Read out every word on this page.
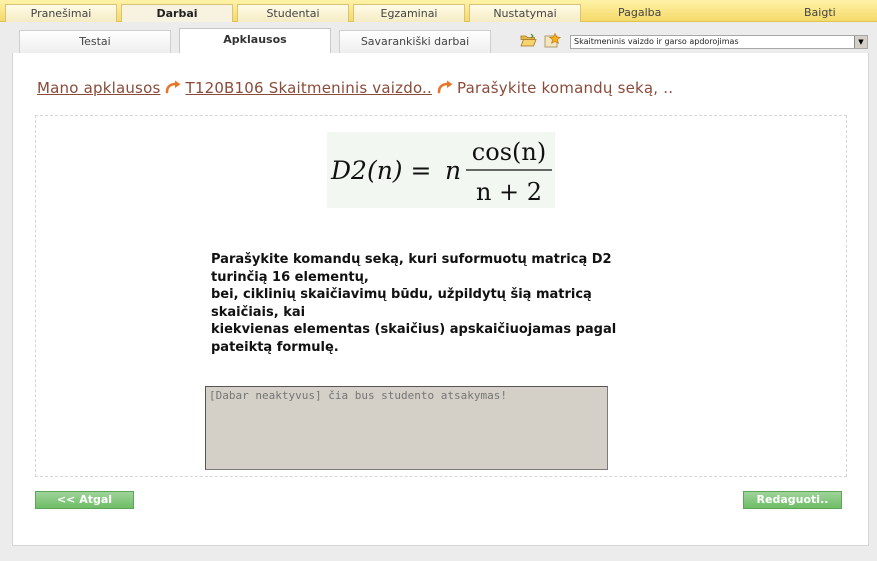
Pranešimai	Darbai	Studentai	Egzaminai	Nustatymai	Pagalba	Baigti
Testai	Apklausos	Savarankiški darbai	Skaitmeninis vaizdo ir garso apdorojimas	▼
Mano apklausos T120B106 Skaitmeninis vaizdo.. Parašykite komandų seką, ..
D2(n) = n
cos(n)
n + 2
Parašykite komandų seką, kuri suformuotų matricą D2
turinčią 16 elementų,
bei, ciklinių skaičiavimų būdu, užpildytų šią matricą
skaičiais, kai
kiekvienas elementas (skaičius) apskaičiuojamas pagal
pateiktą formulę.
[Dabar neaktyvus] čia bus studento atsakymas!
<< Atgal	Redaguoti..
